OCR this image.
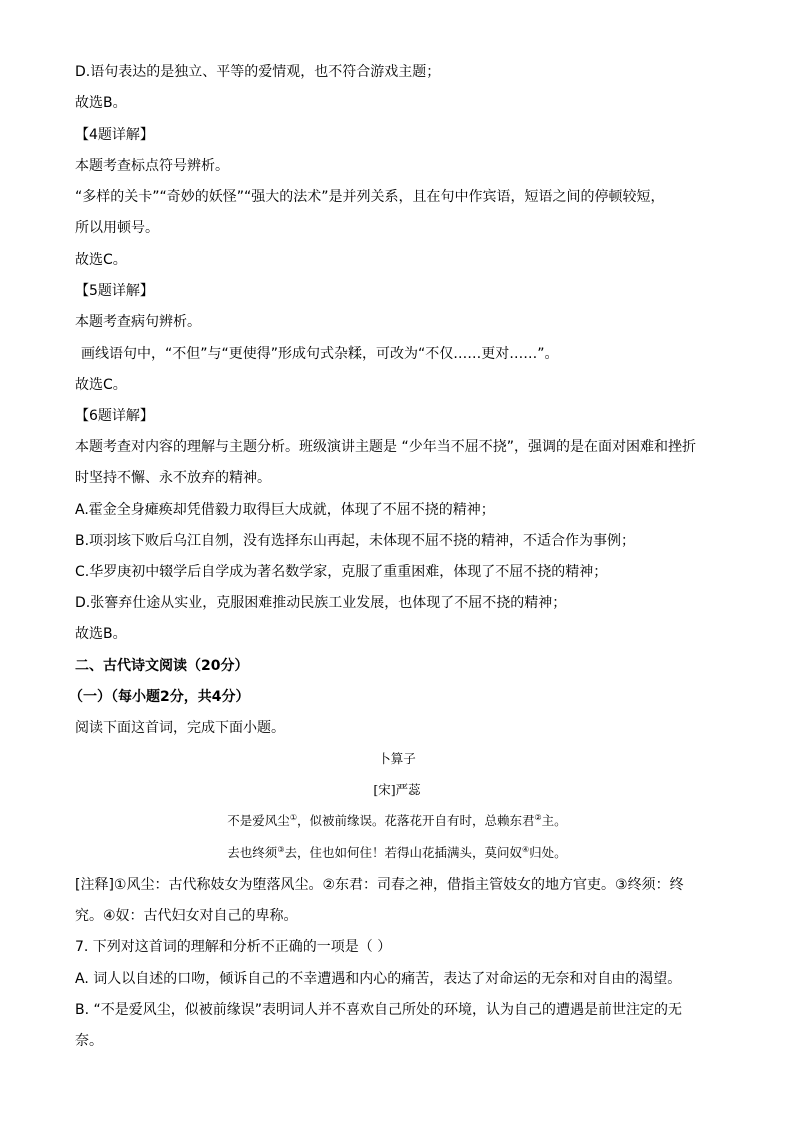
D.语句表达的是独立、平等的爱情观，也不符合游戏主题；
故选B。
【4题详解】
本题考查标点符号辨析。
“多样的关卡”“奇妙的妖怪”“强大的法术”是并列关系，且在句中作宾语，短语之间的停顿较短，
所以用顿号。
故选C。
【5题详解】
本题考查病句辨析。
画线语句中，“不但”与“更使得”形成句式杂糅，可改为“不仅……更对……”。
故选C。
【6题详解】
本题考查对内容的理解与主题分析。班级演讲主题是 “少年当不屈不挠”，强调的是在面对困难和挫折
时坚持不懈、永不放弃的精神。
A.霍金全身瘫痪却凭借毅力取得巨大成就，体现了不屈不挠的精神；
B.项羽垓下败后乌江自刎，没有选择东山再起，未体现不屈不挠的精神，不适合作为事例；
C.华罗庚初中辍学后自学成为著名数学家，克服了重重困难，体现了不屈不挠的精神；
D.张謇弃仕途从实业，克服困难推动民族工业发展，也体现了不屈不挠的精神；
故选B。
二、古代诗文阅读（20分）
（一）（每小题2分，共4分）
阅读下面这首词，完成下面小题。
卜算子
[宋]严蕊
不是爱风尘①，似被前缘误。花落花开自有时，总赖东君②主。
去也终须③去，住也如何住！若得山花插满头，莫问奴④归处。
[注释]①风尘：古代称妓女为堕落风尘。②东君：司春之神，借指主管妓女的地方官吏。③终须：终
究。④奴：古代妇女对自己的卑称。
7. 下列对这首词的理解和分析不正确的一项是（ ）
A. 词人以自述的口吻，倾诉自己的不幸遭遇和内心的痛苦，表达了对命运的无奈和对自由的渴望。
B. “不是爱风尘，似被前缘误”表明词人并不喜欢自己所处的环境，认为自己的遭遇是前世注定的无
奈。
